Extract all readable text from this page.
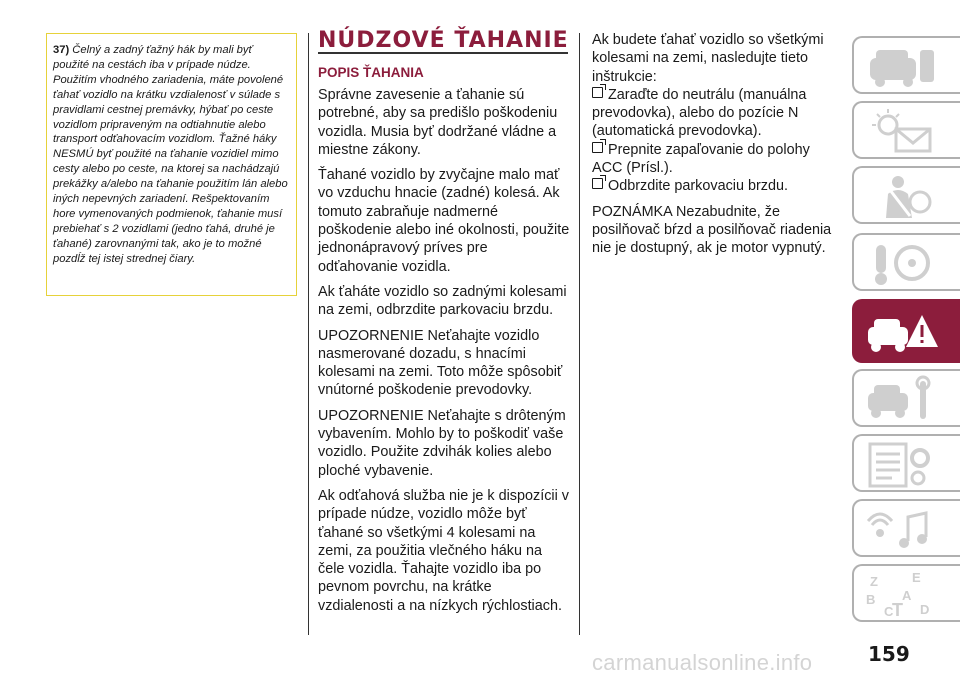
37) Čelný a zadný ťažný hák by mali byť použité na cestách iba v prípade núdze. Použitím vhodného zariadenia, máte povolené ťahať vozidlo na krátku vzdialenosť v súlade s pravidlami cestnej premávky, hýbať po ceste vozidlom pripraveným na odtiahnutie alebo transport odťahovacím vozidlom. Ťažné háky NESMÚ byť použité na ťahanie vozidiel mimo cesty alebo po ceste, na ktorej sa nachádzajú prekážky a/alebo na ťahanie použitím lán alebo iných nepevných zariadení. Rešpektovaním hore vymenovaných podmienok, ťahanie musí prebiehať s 2 vozidlami (jedno ťahá, druhé je ťahané) zarovnanými tak, ako je to možné pozdĺž tej istej strednej čiary.
NÚDZOVÉ ŤAHANIE
POPIS ŤAHANIA

Správne zavesenie a ťahanie sú potrebné, aby sa predišlo poškodeniu vozidla. Musia byť dodržané vládne a miestne zákony.

Ťahané vozidlo by zvyčajne malo mať vo vzduchu hnacie (zadné) kolesá. Ak tomuto zabraňuje nadmerné poškodenie alebo iné okolnosti, použite jednonápravový príves pre odťahovanie vozidla.

Ak ťaháte vozidlo so zadnými kolesami na zemi, odbrzdite parkovaciu brzdu.

UPOZORNENIE Neťahajte vozidlo nasmerované dozadu, s hnacími kolesami na zemi. Toto môže spôsobiť vnútorné poškodenie prevodovky.

UPOZORNENIE Neťahajte s drôteným vybavením. Mohlo by to poškodiť vaše vozidlo. Použite zdvihák kolies alebo ploché vybavenie.

Ak odťahová služba nie je k dispozícii v prípade núdze, vozidlo môže byť ťahané so všetkými 4 kolesami na zemi, za použitia vlečného háku na čele vozidla. Ťahajte vozidlo iba po pevnom povrchu, na krátke vzdialenosti a na nízkych rýchlostiach.

Ak budete ťahať vozidlo so všetkými kolesami na zemi, nasledujte tieto inštrukcie:

Zaraďte do neutrálu (manuálna prevodovka), alebo do pozície N (automatická prevodovka).

Prepnite zapaľovanie do polohy ACC (Prísl.).

Odbrzdite parkovaciu brzdu.

POZNÁMKA Nezabudnite, že posilňovač bŕzd a posilňovač riadenia nie je dostupný, ak je motor vypnutý.

Z	E
B A
C D
T
159
carmanualsonline.info
